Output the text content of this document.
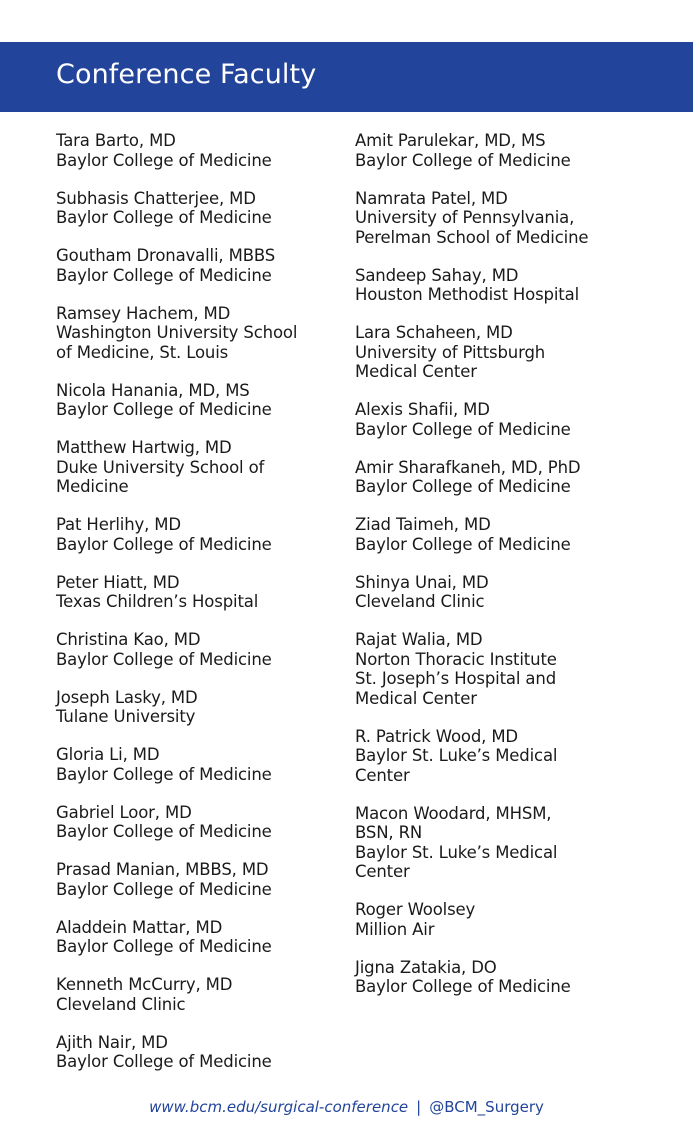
Conference Faculty
Tara Barto, MD
Baylor College of Medicine
Subhasis Chatterjee, MD
Baylor College of Medicine
Goutham Dronavalli, MBBS
Baylor College of Medicine
Ramsey Hachem, MD
Washington University School
of Medicine, St. Louis
Nicola Hanania, MD, MS
Baylor College of Medicine
Matthew Hartwig, MD
Duke University School of
Medicine
Pat Herlihy, MD
Baylor College of Medicine
Peter Hiatt, MD
Texas Children’s Hospital
Christina Kao, MD
Baylor College of Medicine
Joseph Lasky, MD
Tulane University
Gloria Li, MD
Baylor College of Medicine
Gabriel Loor, MD
Baylor College of Medicine
Prasad Manian, MBBS, MD
Baylor College of Medicine
Aladdein Mattar, MD
Baylor College of Medicine
Kenneth McCurry, MD
Cleveland Clinic
Ajith Nair, MD
Baylor College of Medicine
Amit Parulekar, MD, MS
Baylor College of Medicine
Namrata Patel, MD
University of Pennsylvania,
Perelman School of Medicine
Sandeep Sahay, MD
Houston Methodist Hospital
Lara Schaheen, MD
University of Pittsburgh
Medical Center
Alexis Shafii, MD
Baylor College of Medicine
Amir Sharafkaneh, MD, PhD
Baylor College of Medicine
Ziad Taimeh, MD
Baylor College of Medicine
Shinya Unai, MD
Cleveland Clinic
Rajat Walia, MD
Norton Thoracic Institute
St. Joseph’s Hospital and
Medical Center
R. Patrick Wood, MD
Baylor St. Luke’s Medical
Center
Macon Woodard, MHSM,
BSN, RN
Baylor St. Luke’s Medical
Center
Roger Woolsey
Million Air
Jigna Zatakia, DO
Baylor College of Medicine
www.bcm.edu/surgical-conference | @BCM_Surgery
